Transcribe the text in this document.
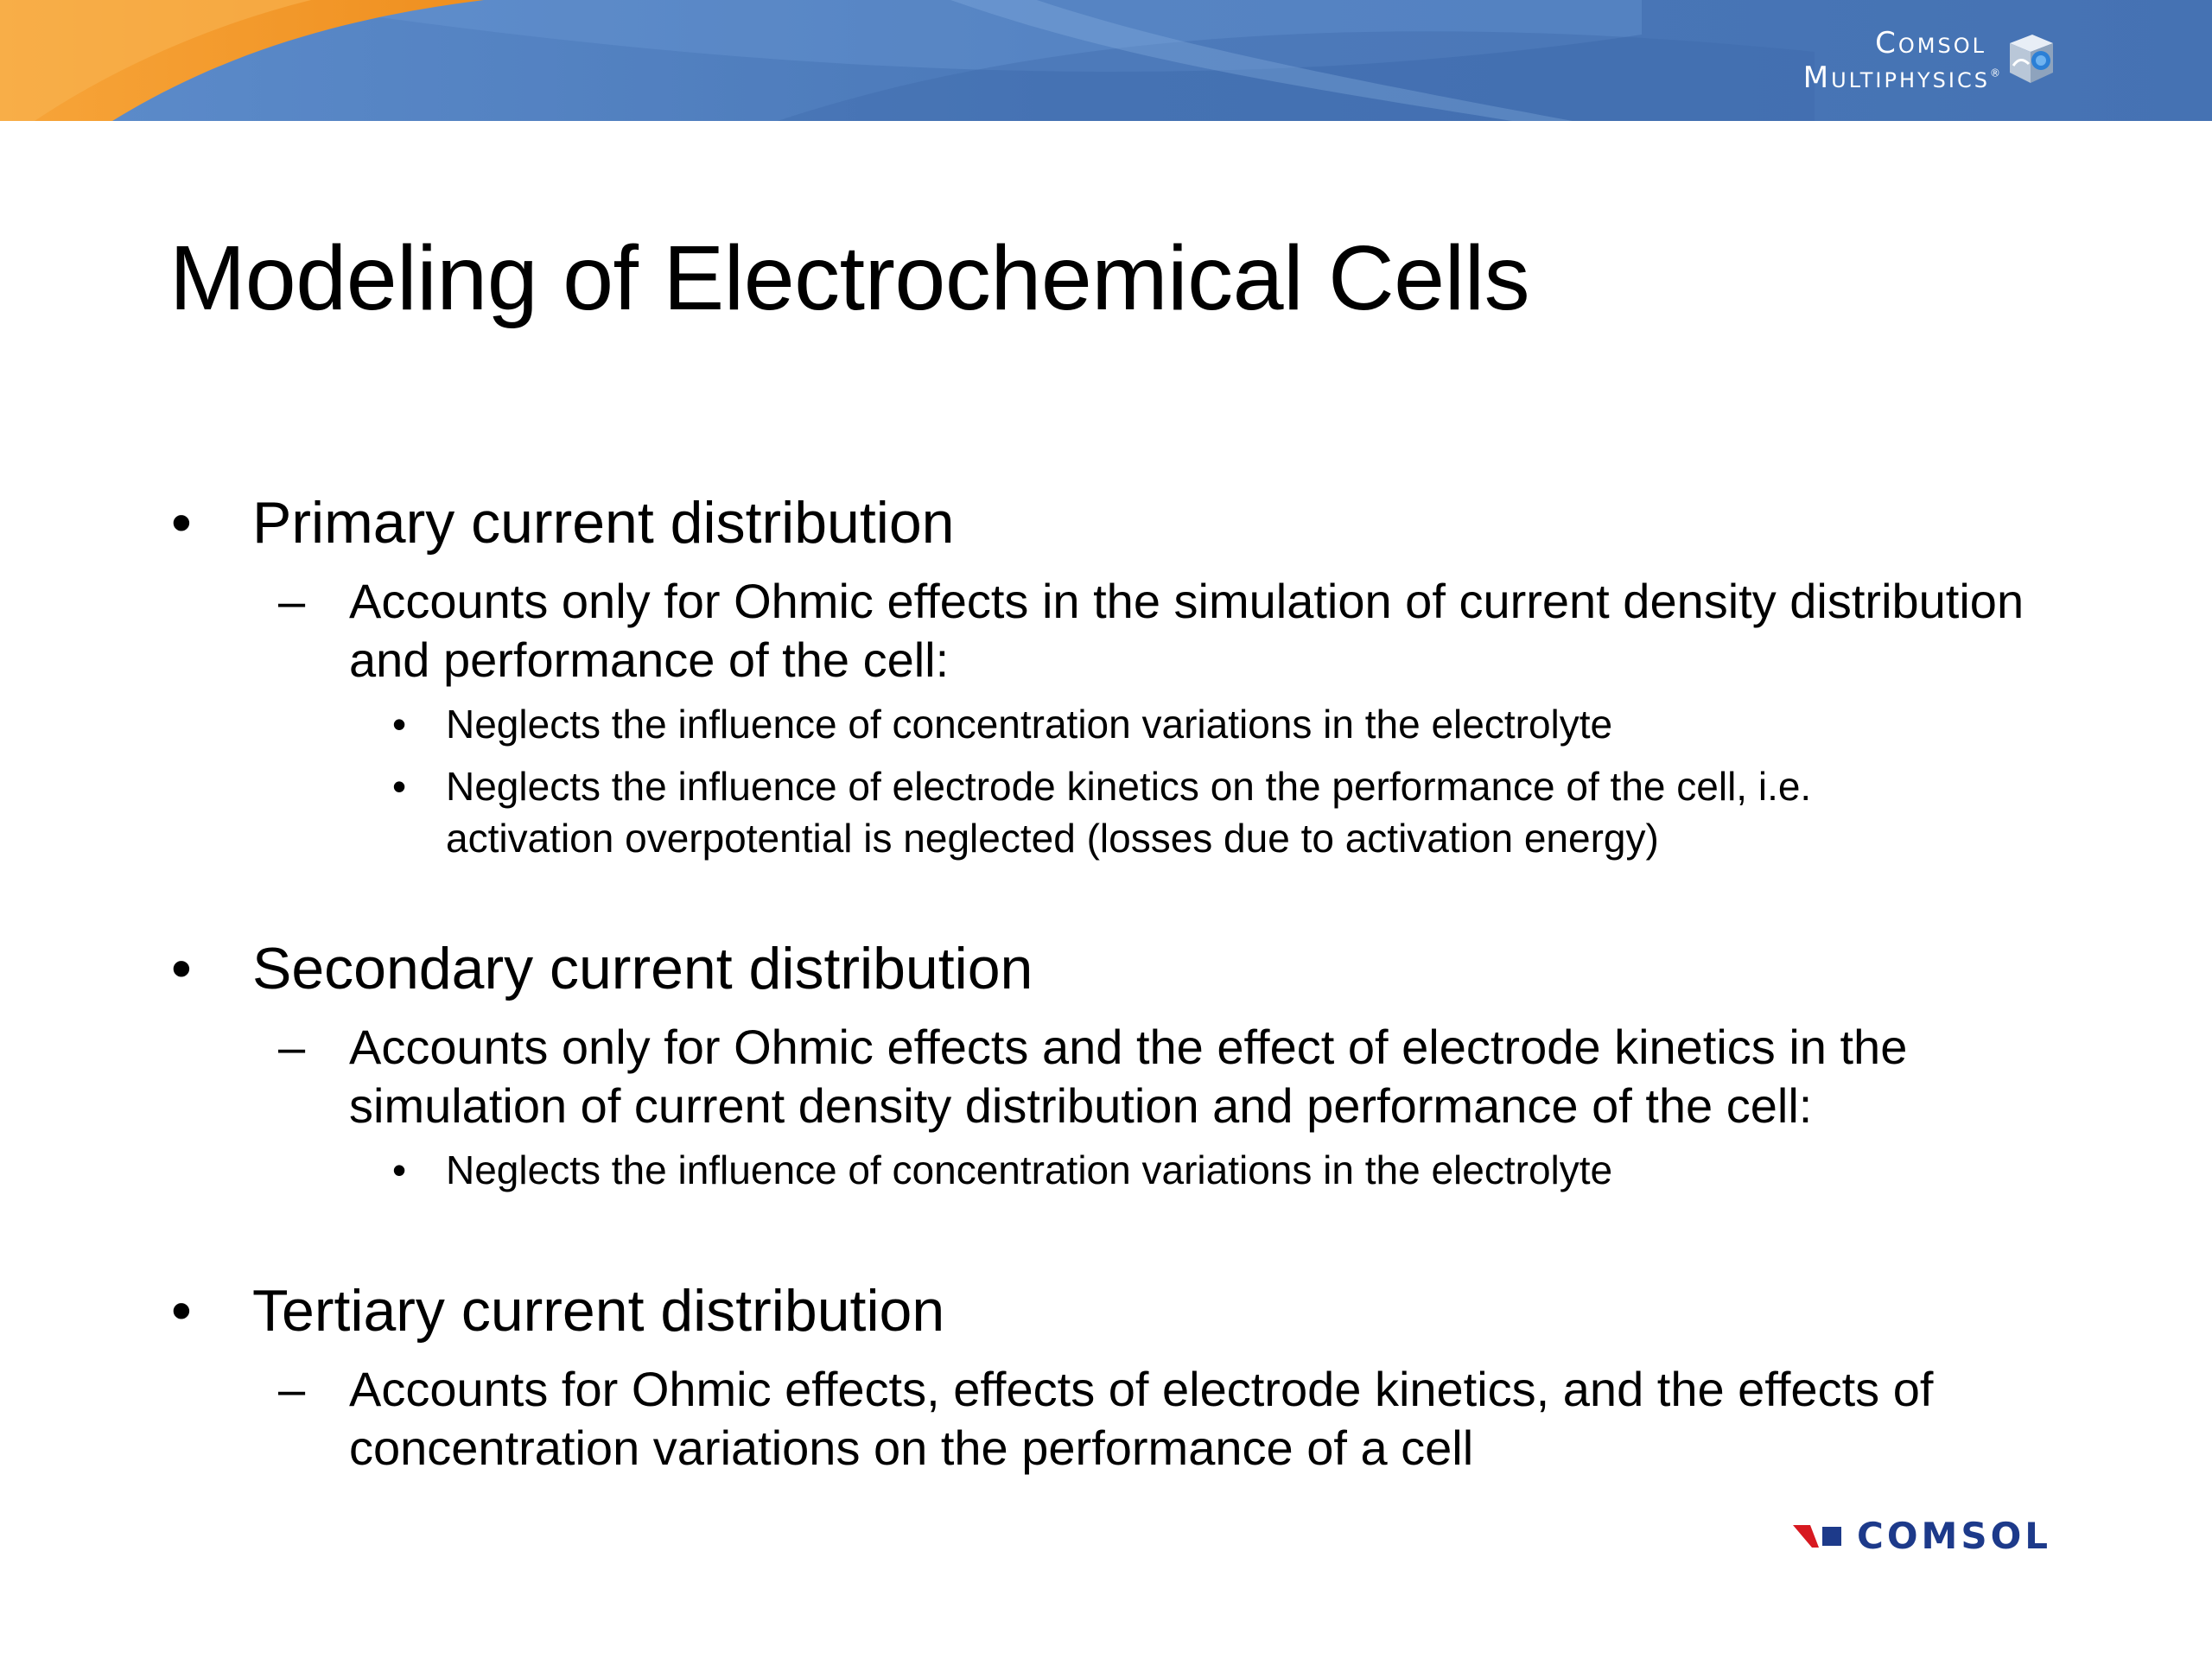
Comsol
Multiphysics®
Modeling of Electrochemical Cells
• Primary current distribution
– Accounts only for Ohmic effects in the simulation of current density distribution
and performance of the cell:
• Neglects the influence of concentration variations in the electrolyte
• Neglects the influence of electrode kinetics on the performance of the cell, i.e.
activation overpotential is neglected (losses due to activation energy)
• Secondary current distribution
– Accounts only for Ohmic effects and the effect of electrode kinetics in the
simulation of current density distribution and performance of the cell:
• Neglects the influence of concentration variations in the electrolyte
• Tertiary current distribution
– Accounts for Ohmic effects, effects of electrode kinetics, and the effects of
concentration variations on the performance of a cell
COMSOL
